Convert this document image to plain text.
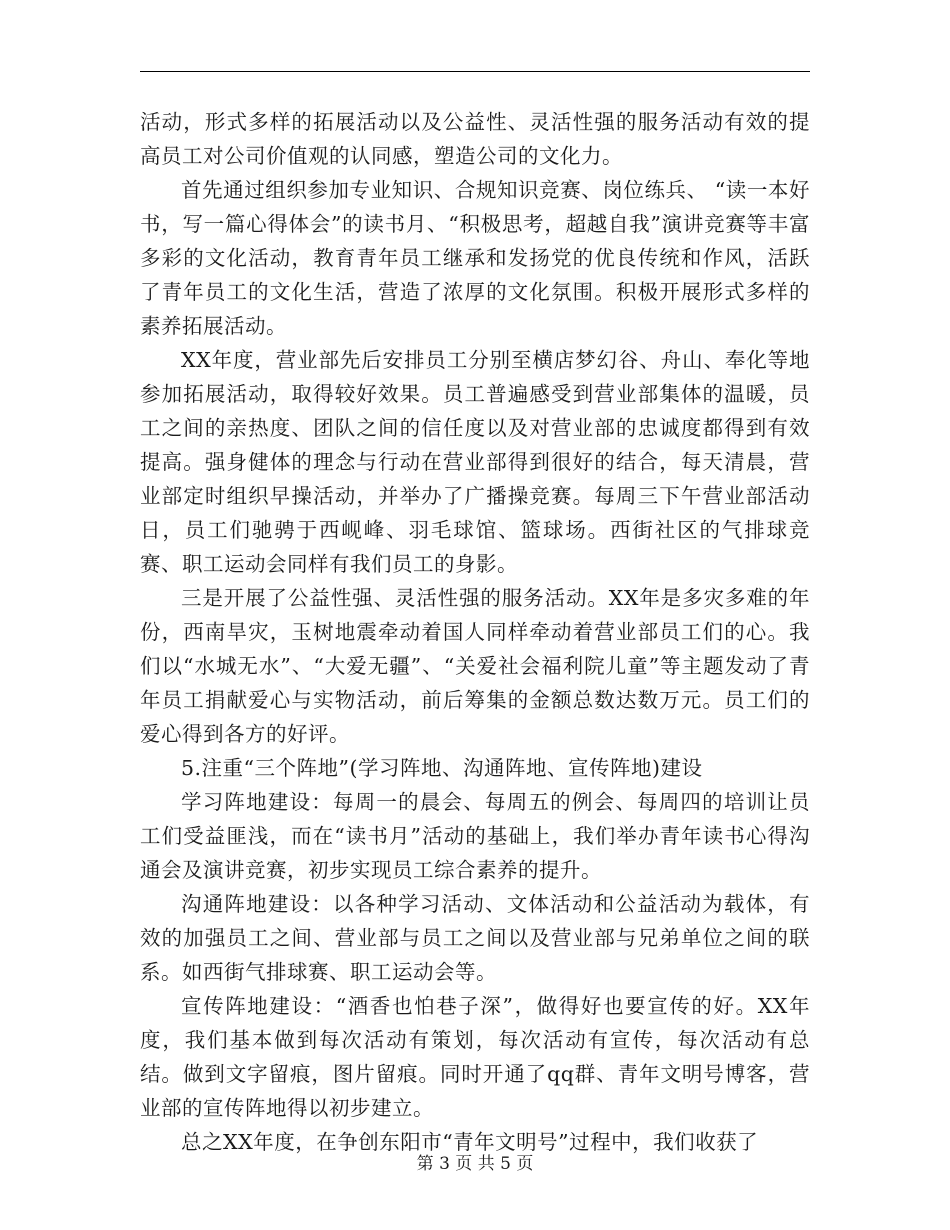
活动，形式多样的拓展活动以及公益性、灵活性强的服务活动有效的提高员工对公司价值观的认同感，塑造公司的文化力。

首先通过组织参加专业知识、合规知识竞赛、岗位练兵、 “读一本好书，写一篇心得体会”的读书月、“积极思考，超越自我”演讲竞赛等丰富多彩的文化活动，教育青年员工继承和发扬党的优良传统和作风，活跃了青年员工的文化生活，营造了浓厚的文化氛围。积极开展形式多样的素养拓展活动。

XX年度，营业部先后安排员工分别至横店梦幻谷、舟山、奉化等地参加拓展活动，取得较好效果。员工普遍感受到营业部集体的温暖，员工之间的亲热度、团队之间的信任度以及对营业部的忠诚度都得到有效提高。强身健体的理念与行动在营业部得到很好的结合，每天清晨，营业部定时组织早操活动，并举办了广播操竞赛。每周三下午营业部活动日，员工们驰骋于西岘峰、羽毛球馆、篮球场。西街社区的气排球竞赛、职工运动会同样有我们员工的身影。

三是开展了公益性强、灵活性强的服务活动。XX年是多灾多难的年份，西南旱灾，玉树地震牵动着国人同样牵动着营业部员工们的心。我们以“水城无水”、“大爱无疆”、“关爱社会福利院儿童”等主题发动了青年员工捐献爱心与实物活动，前后筹集的金额总数达数万元。员工们的爱心得到各方的好评。

5.注重“三个阵地”(学习阵地、沟通阵地、宣传阵地)建设

学习阵地建设：每周一的晨会、每周五的例会、每周四的培训让员工们受益匪浅，而在“读书月”活动的基础上，我们举办青年读书心得沟通会及演讲竞赛，初步实现员工综合素养的提升。

沟通阵地建设：以各种学习活动、文体活动和公益活动为载体，有效的加强员工之间、营业部与员工之间以及营业部与兄弟单位之间的联系。如西街气排球赛、职工运动会等。

宣传阵地建设：“酒香也怕巷子深”，做得好也要宣传的好。XX年度，我们基本做到每次活动有策划，每次活动有宣传，每次活动有总结。做到文字留痕，图片留痕。同时开通了qq群、青年文明号博客，营业部的宣传阵地得以初步建立。

总之XX年度，在争创东阳市“青年文明号”过程中，我们收获了

第 3 页 共 5 页
